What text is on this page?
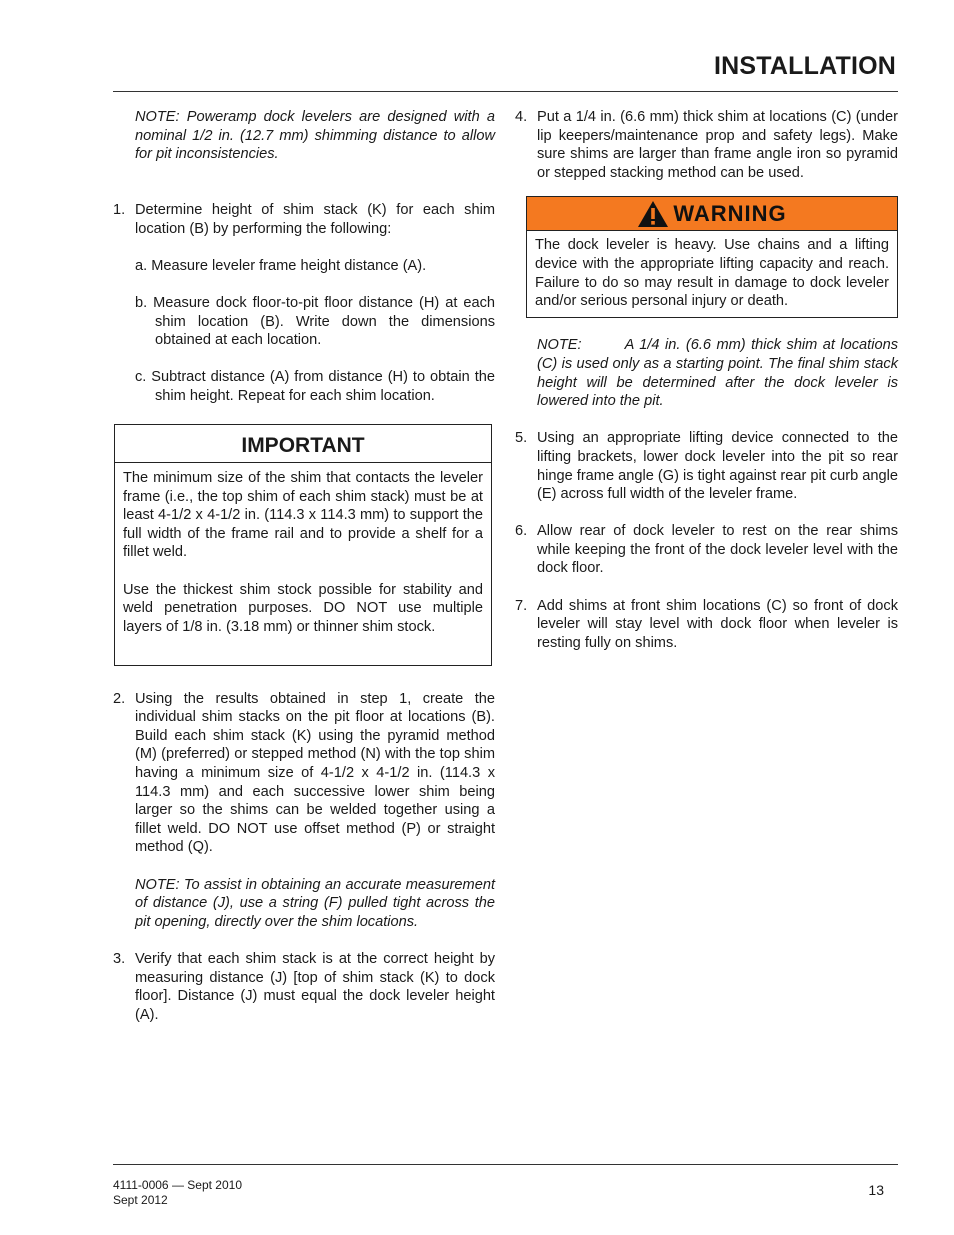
INSTALLATION

NOTE: Poweramp dock levelers are designed with a nominal 1/2 in. (12.7 mm) shimming distance to allow for pit inconsistencies.

1. Determine height of shim stack (K) for each shim location (B) by performing the following:

a. Measure leveler frame height distance (A).

b. Measure dock floor-to-pit floor distance (H) at each shim location (B). Write down the dimensions obtained at each location.

c. Subtract distance (A) from distance (H) to obtain the shim height. Repeat for each shim location.

IMPORTANT

The minimum size of the shim that contacts the leveler frame (i.e., the top shim of each shim stack) must be at least 4-1/2 x 4-1/2 in. (114.3 x 114.3 mm) to support the full width of the frame rail and to provide a shelf for a fillet weld.

Use the thickest shim stock possible for stability and weld penetration purposes. DO NOT use multiple layers of 1/8 in. (3.18 mm) or thinner shim stock.

2. Using the results obtained in step 1, create the individual shim stacks on the pit floor at locations (B). Build each shim stack (K) using the pyramid method (M) (preferred) or stepped method (N) with the top shim having a minimum size of 4-1/2 x 4-1/2 in. (114.3 x 114.3 mm) and each successive lower shim being larger so the shims can be welded together using a fillet weld. DO NOT use offset method (P) or straight method (Q).

NOTE: To assist in obtaining an accurate measurement of distance (J), use a string (F) pulled tight across the pit opening, directly over the shim locations.

3. Verify that each shim stack is at the correct height by measuring distance (J) [top of shim stack (K) to dock floor]. Distance (J) must equal the dock leveler height (A).
4. Put a 1/4 in. (6.6 mm) thick shim at locations (C) (under lip keepers/maintenance prop and safety legs). Make sure shims are larger than frame angle iron so pyramid or stepped stacking method can be used.
WARNING

The dock leveler is heavy. Use chains and a lifting device with the appropriate lifting capacity and reach. Failure to do so may result in damage to dock leveler and/or serious personal injury or death.

NOTE:        A 1/4 in. (6.6 mm) thick shim at locations (C) is used only as a starting point. The final shim stack height will be determined after the dock leveler is lowered into the pit.

5. Using an appropriate lifting device connected to the lifting brackets, lower dock leveler into the pit so rear hinge frame angle (G) is tight against rear pit curb angle (E) across full width of the leveler frame.
6. Allow rear of dock leveler to rest on the rear shims while keeping the front of the dock leveler level with the dock floor.
7. Add shims at front shim locations (C) so front of dock leveler will stay level with dock floor when leveler is resting fully on shims.
4111-0006 — Sept 2010
Sept 2012
13
